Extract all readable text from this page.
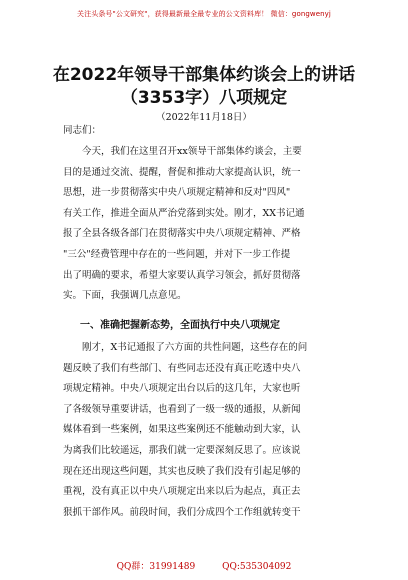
关注头条号"公文研究"，获得最新最全最专业的公文资料库！ 微信：gongwenyj
在2022年领导干部集体约谈会上的讲话
（3353字）八项规定
（2022年11月18日）
同志们：
今天，我们在这里召开xx领导干部集体约谈会，主要
目的是通过交流、提醒，督促和推动大家提高认识，统一
思想，进一步贯彻落实中央八项规定精神和反对"四风"
有关工作，推进全面从严治党落到实处。刚才，XX书记通
报了全县各级各部门在贯彻落实中央八项规定精神、严格
"三公"经费管理中存在的一些问题，并对下一步工作提
出了明确的要求，希望大家要认真学习领会，抓好贯彻落
实。下面，我强调几点意见。
一、准确把握新态势，全面执行中央八项规定
刚才，X书记通报了六方面的共性问题，这些存在的问
题反映了我们有些部门、有些同志还没有真正吃透中央八
项规定精神。中央八项规定出台以后的这几年，大家也听
了各级领导重要讲话，也看到了一级一级的通报，从新闻
媒体看到一些案例，如果这些案例还不能触动到大家，认
为离我们比较遥远，那我们就一定要深刻反思了。应该说
现在还出现这些问题，其实也反映了我们没有引起足够的
重视，没有真正以中央八项规定出来以后为起点，真正去
狠抓干部作风。前段时间，我们分成四个工作组就转变干
QQ群：31991489	QQ:535304092
